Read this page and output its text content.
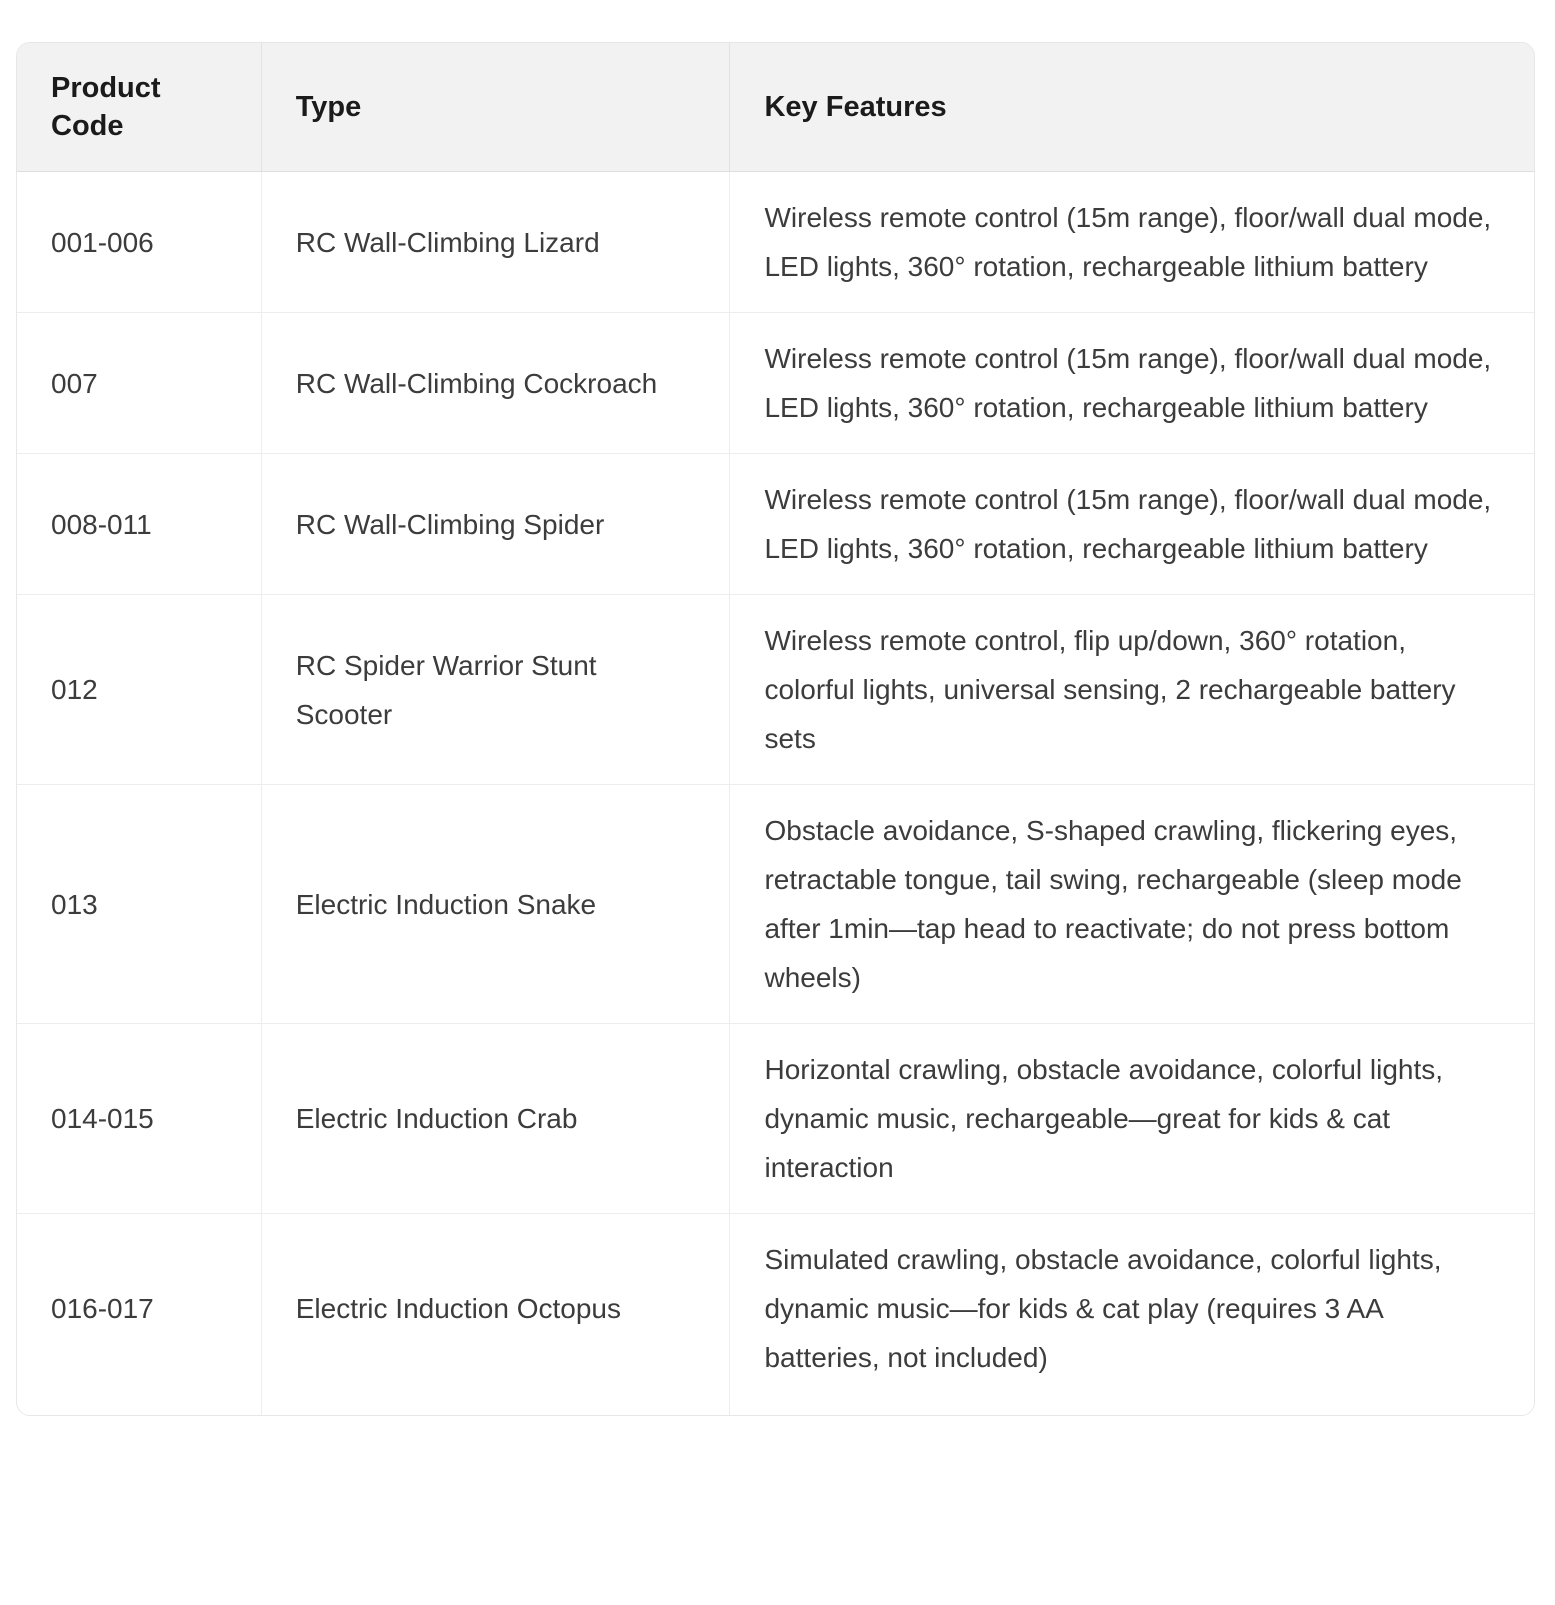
Product Code	Type	Key Features
001-006	RC Wall-Climbing Lizard	Wireless remote control (15m range), floor/wall dual mode, LED lights, 360° rotation, rechargeable lithium battery
007	RC Wall-Climbing Cockroach	Wireless remote control (15m range), floor/wall dual mode, LED lights, 360° rotation, rechargeable lithium battery
008-011	RC Wall-Climbing Spider	Wireless remote control (15m range), floor/wall dual mode, LED lights, 360° rotation, rechargeable lithium battery
012	RC Spider Warrior Stunt Scooter	Wireless remote control, flip up/down, 360° rotation, colorful lights, universal sensing, 2 rechargeable battery sets
013	Electric Induction Snake	Obstacle avoidance, S-shaped crawling, flickering eyes, retractable tongue, tail swing, rechargeable (sleep mode after 1min—tap head to reactivate; do not press bottom wheels)
014-015	Electric Induction Crab	Horizontal crawling, obstacle avoidance, colorful lights, dynamic music, rechargeable—great for kids & cat interaction
016-017	Electric Induction Octopus	Simulated crawling, obstacle avoidance, colorful lights, dynamic music—for kids & cat play (requires 3 AA batteries, not included)
